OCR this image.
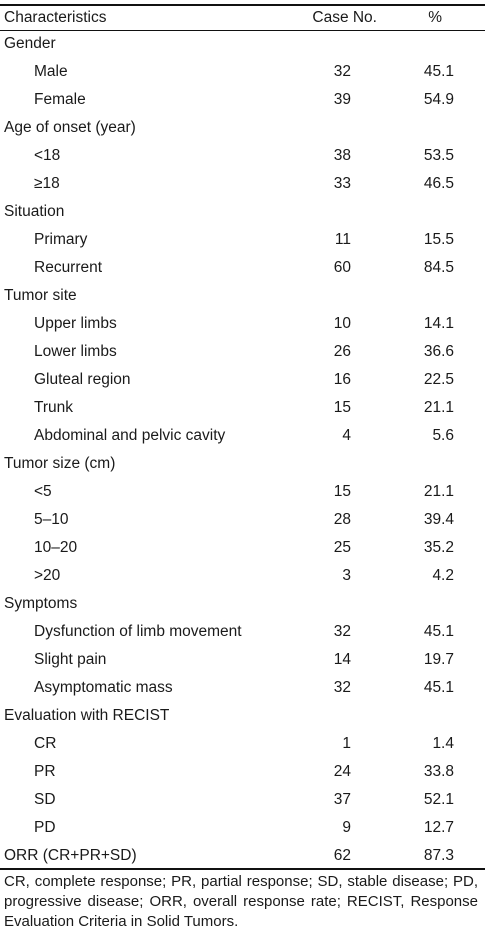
Characteristics	Case No.	%
Gender
Male	32	45.1
Female	39	54.9
Age of onset (year)
<18	38	53.5
≥18	33	46.5
Situation
Primary	11	15.5
Recurrent	60	84.5
Tumor site
Upper limbs	10	14.1
Lower limbs	26	36.6
Gluteal region	16	22.5
Trunk	15	21.1
Abdominal and pelvic cavity	4	5.6
Tumor size (cm)
<5	15	21.1
5–10	28	39.4
10–20	25	35.2
>20	3	4.2
Symptoms
Dysfunction of limb movement	32	45.1
Slight pain	14	19.7
Asymptomatic mass	32	45.1
Evaluation with RECIST
CR	1	1.4
PR	24	33.8
SD	37	52.1
PD	9	12.7
ORR (CR+PR+SD)	62	87.3
CR, complete response; PR, partial response; SD, stable disease; PD, progressive disease; ORR, overall response rate; RECIST, Response Evaluation Criteria in Solid Tumors.
